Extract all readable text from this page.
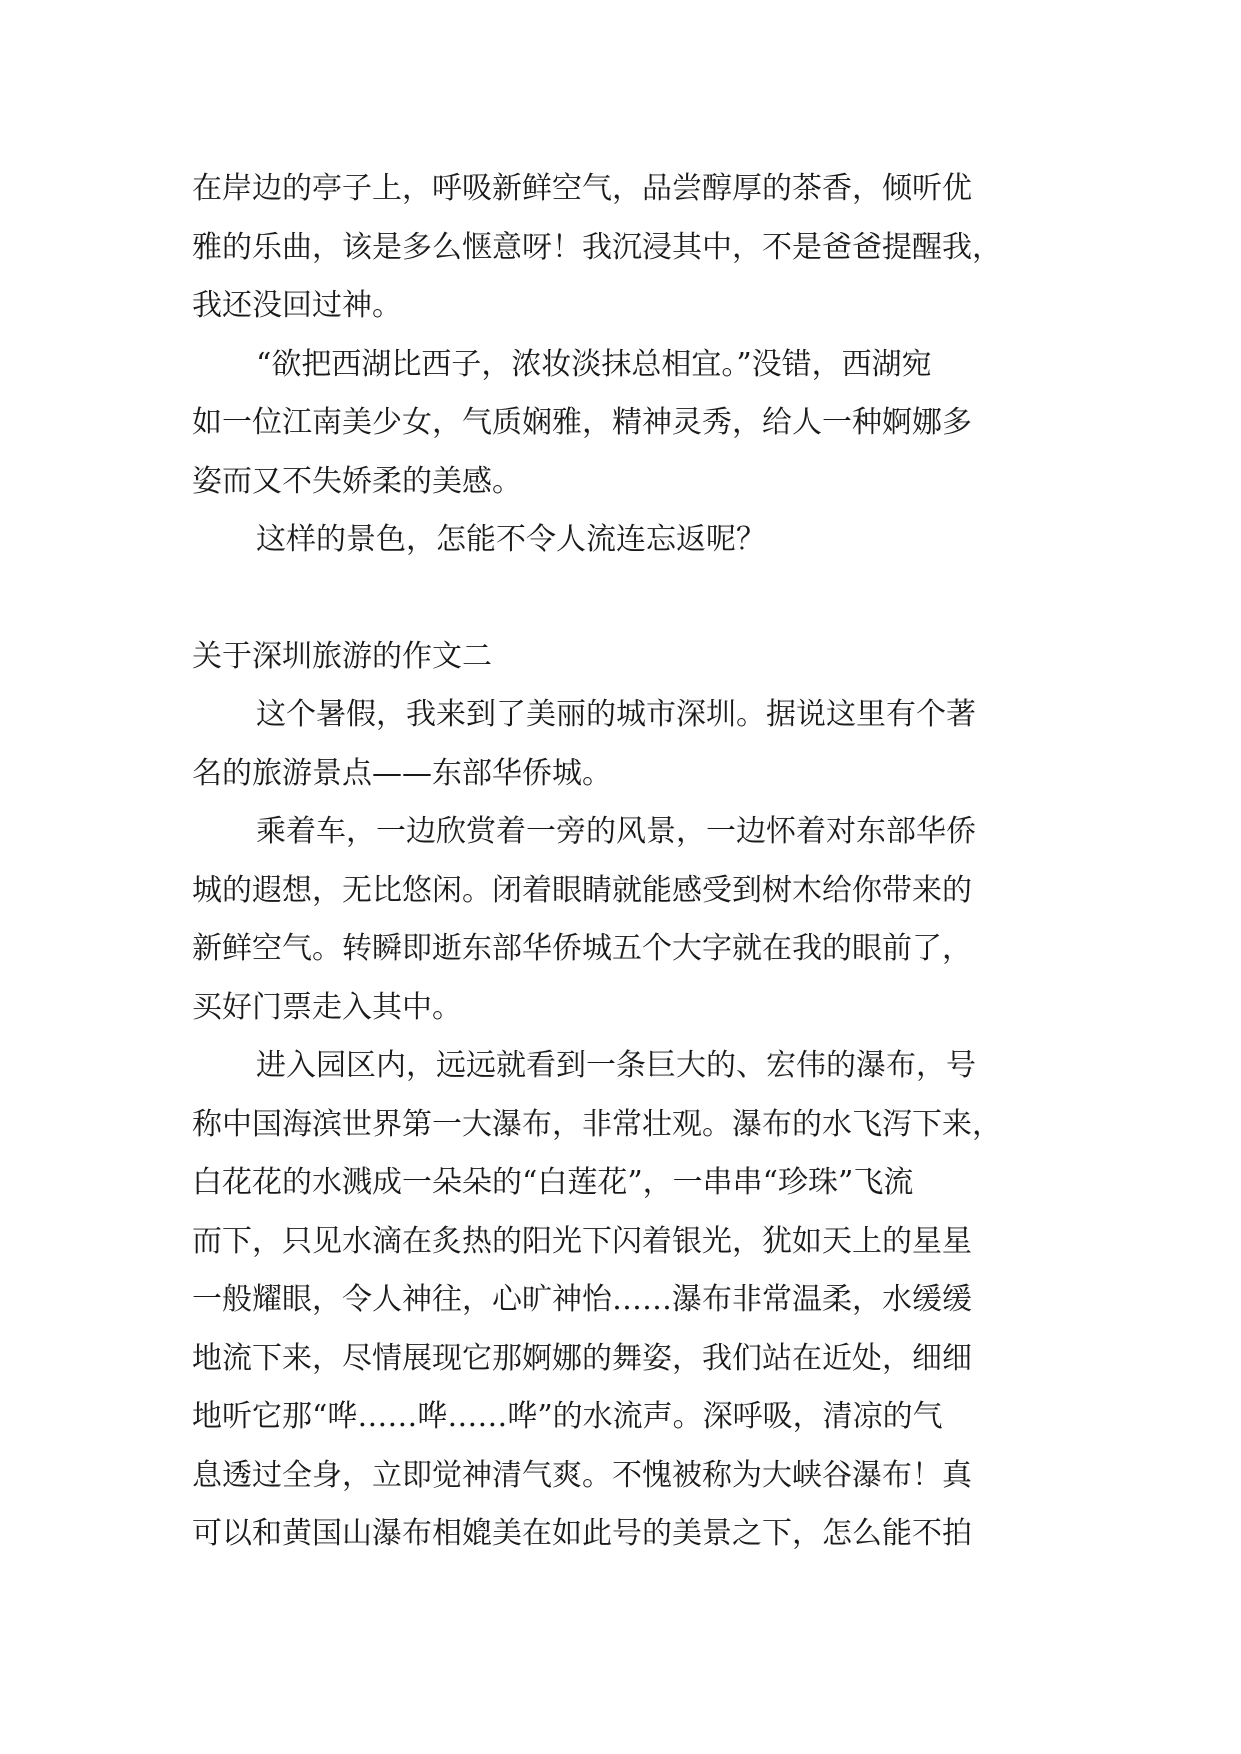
在岸边的亭子上，呼吸新鲜空气，品尝醇厚的茶香，倾听优
雅的乐曲，该是多么惬意呀！我沉浸其中，不是爸爸提醒我，
我还没回过神。
“欲把西湖比西子，浓妆淡抹总相宜。”没错，西湖宛
如一位江南美少女，气质娴雅，精神灵秀，给人一种婀娜多
姿而又不失娇柔的美感。
这样的景色，怎能不令人流连忘返呢？
关于深圳旅游的作文二
这个暑假，我来到了美丽的城市深圳。据说这里有个著
名的旅游景点——东部华侨城。
乘着车，一边欣赏着一旁的风景，一边怀着对东部华侨
城的遐想，无比悠闲。闭着眼睛就能感受到树木给你带来的
新鲜空气。转瞬即逝东部华侨城五个大字就在我的眼前了，
买好门票走入其中。
进入园区内，远远就看到一条巨大的、宏伟的瀑布，号
称中国海滨世界第一大瀑布，非常壮观。瀑布的水飞泻下来，
白花花的水溅成一朵朵的“白莲花”，一串串“珍珠”飞流
而下，只见水滴在炙热的阳光下闪着银光，犹如天上的星星
一般耀眼，令人神往，心旷神怡……瀑布非常温柔，水缓缓
地流下来，尽情展现它那婀娜的舞姿，我们站在近处，细细
地听它那“哗……哗……哗”的水流声。深呼吸，清凉的气
息透过全身，立即觉神清气爽。不愧被称为大峡谷瀑布！真
可以和黄国山瀑布相媲美在如此号的美景之下，怎么能不拍
